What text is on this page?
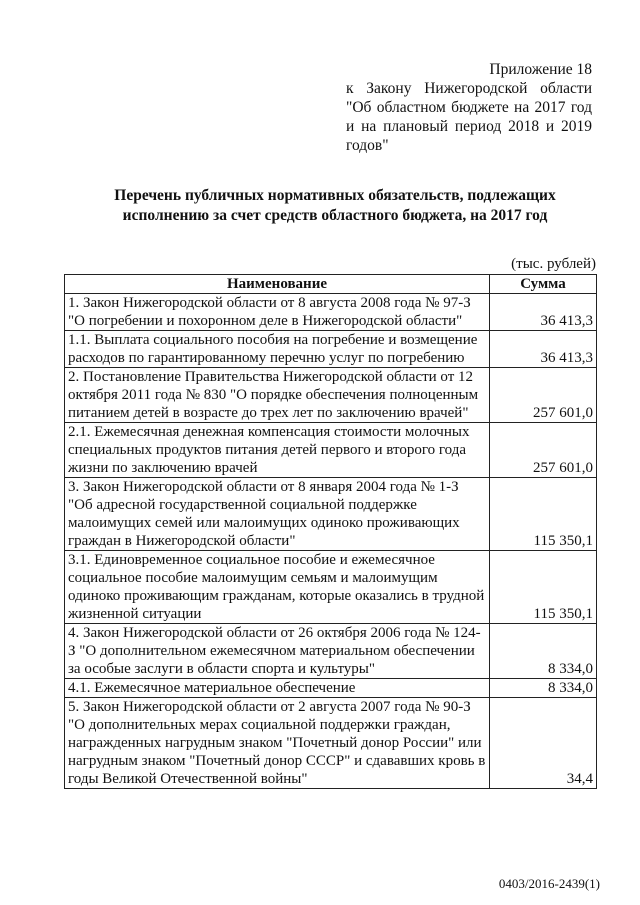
Приложение 18
к Закону Нижегородской области
"Об областном бюджете на 2017 год
и на плановый период 2018 и 2019
годов"
Перечень публичных нормативных обязательств, подлежащих
исполнению за счет средств областного бюджета, на 2017 год
(тыс. рублей)
Наименование	Сумма
1. Закон Нижегородской области от 8 августа 2008 года № 97-З "О погребении и похоронном деле в Нижегородской области"	36 413,3
1.1. Выплата социального пособия на погребение и возмещение расходов по гарантированному перечню услуг по погребению	36 413,3
2. Постановление Правительства Нижегородской области от 12 октября 2011 года № 830 "О порядке обеспечения полноценным питанием детей в возрасте до трех лет по заключению врачей"	257 601,0
2.1. Ежемесячная денежная компенсация стоимости молочных специальных продуктов питания детей первого и второго года жизни по заключению врачей	257 601,0
3. Закон Нижегородской области от 8 января 2004 года № 1-З "Об адресной государственной социальной поддержке малоимущих семей или малоимущих одиноко проживающих граждан в Нижегородской области"	115 350,1
3.1. Единовременное социальное пособие и ежемесячное социальное пособие малоимущим семьям и малоимущим одиноко проживающим гражданам, которые оказались в трудной жизненной ситуации	115 350,1
4. Закон Нижегородской области от 26 октября 2006 года № 124-З "О дополнительном ежемесячном материальном обеспечении за особые заслуги в области спорта и культуры"	8 334,0
4.1. Ежемесячное материальное обеспечение	8 334,0
5. Закон Нижегородской области от 2 августа 2007 года № 90-З "О дополнительных мерах социальной поддержки граждан, награжденных нагрудным знаком "Почетный донор России" или нагрудным знаком "Почетный донор СССР" и сдававших кровь в годы Великой Отечественной войны"	34,4
0403/2016-2439(1)
